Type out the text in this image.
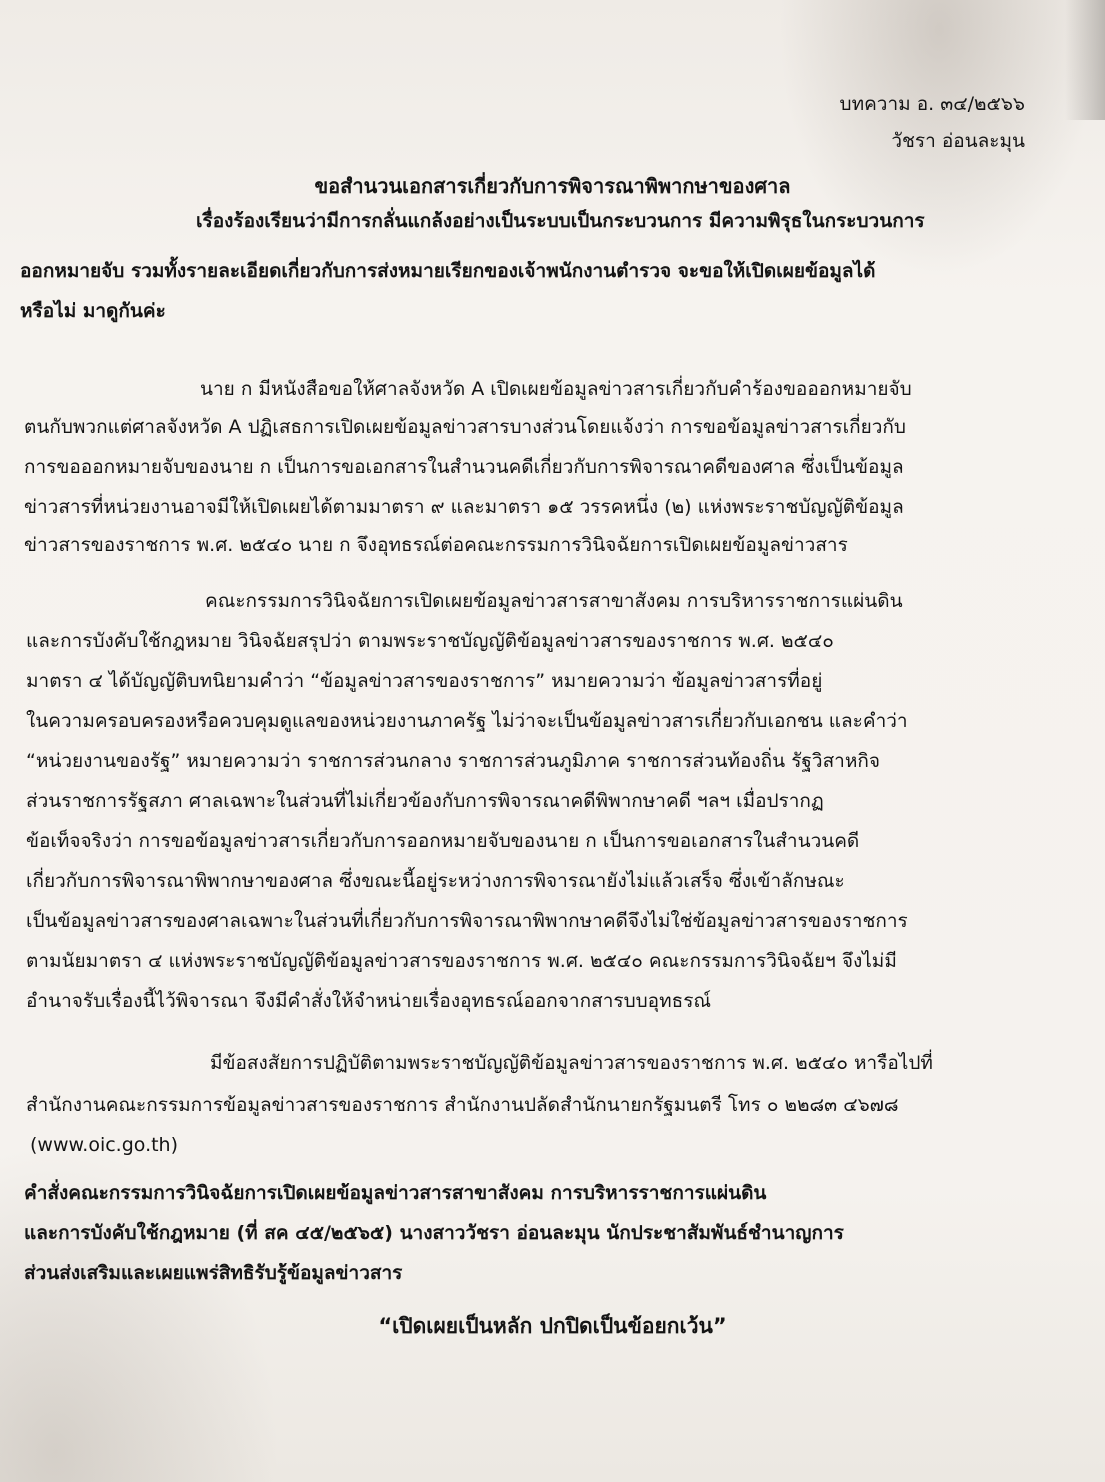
บทความ อ. ๓๔/๒๕๖๖
วัชรา อ่อนละมุน
ขอสำนวนเอกสารเกี่ยวกับการพิจารณาพิพากษาของศาล
เรื่องร้องเรียนว่ามีการกลั่นแกล้งอย่างเป็นระบบเป็นกระบวนการ มีความพิรุธในกระบวนการ
ออกหมายจับ รวมทั้งรายละเอียดเกี่ยวกับการส่งหมายเรียกของเจ้าพนักงานตำรวจ จะขอให้เปิดเผยข้อมูลได้
หรือไม่ มาดูกันค่ะ
นาย ก มีหนังสือขอให้ศาลจังหวัด A เปิดเผยข้อมูลข่าวสารเกี่ยวกับคำร้องขอออกหมายจับ
ตนกับพวกแต่ศาลจังหวัด A ปฏิเสธการเปิดเผยข้อมูลข่าวสารบางส่วนโดยแจ้งว่า การขอข้อมูลข่าวสารเกี่ยวกับ
การขอออกหมายจับของนาย ก เป็นการขอเอกสารในสำนวนคดีเกี่ยวกับการพิจารณาคดีของศาล ซึ่งเป็นข้อมูล
ข่าวสารที่หน่วยงานอาจมีให้เปิดเผยได้ตามมาตรา ๙ และมาตรา ๑๕ วรรคหนึ่ง (๒) แห่งพระราชบัญญัติข้อมูล
ข่าวสารของราชการ พ.ศ. ๒๕๔๐ นาย ก จึงอุทธรณ์ต่อคณะกรรมการวินิจฉัยการเปิดเผยข้อมูลข่าวสาร
คณะกรรมการวินิจฉัยการเปิดเผยข้อมูลข่าวสารสาขาสังคม การบริหารราชการแผ่นดิน
และการบังคับใช้กฎหมาย วินิจฉัยสรุปว่า ตามพระราชบัญญัติข้อมูลข่าวสารของราชการ พ.ศ. ๒๕๔๐
มาตรา ๔ ได้บัญญัติบทนิยามคำว่า “ข้อมูลข่าวสารของราชการ” หมายความว่า ข้อมูลข่าวสารที่อยู่
ในความครอบครองหรือควบคุมดูแลของหน่วยงานภาครัฐ ไม่ว่าจะเป็นข้อมูลข่าวสารเกี่ยวกับเอกชน และคำว่า
“หน่วยงานของรัฐ” หมายความว่า ราชการส่วนกลาง ราชการส่วนภูมิภาค ราชการส่วนท้องถิ่น รัฐวิสาหกิจ
ส่วนราชการรัฐสภา ศาลเฉพาะในส่วนที่ไม่เกี่ยวข้องกับการพิจารณาคดีพิพากษาคดี ฯลฯ เมื่อปรากฏ
ข้อเท็จจริงว่า การขอข้อมูลข่าวสารเกี่ยวกับการออกหมายจับของนาย ก เป็นการขอเอกสารในสำนวนคดี
เกี่ยวกับการพิจารณาพิพากษาของศาล ซึ่งขณะนี้อยู่ระหว่างการพิจารณายังไม่แล้วเสร็จ ซึ่งเข้าลักษณะ
เป็นข้อมูลข่าวสารของศาลเฉพาะในส่วนที่เกี่ยวกับการพิจารณาพิพากษาคดีจึงไม่ใช่ข้อมูลข่าวสารของราชการ
ตามนัยมาตรา ๔ แห่งพระราชบัญญัติข้อมูลข่าวสารของราชการ พ.ศ. ๒๕๔๐ คณะกรรมการวินิจฉัยฯ จึงไม่มี
อำนาจรับเรื่องนี้ไว้พิจารณา จึงมีคำสั่งให้จำหน่ายเรื่องอุทธรณ์ออกจากสารบบอุทธรณ์
มีข้อสงสัยการปฏิบัติตามพระราชบัญญัติข้อมูลข่าวสารของราชการ พ.ศ. ๒๕๔๐ หารือไปที่
สำนักงานคณะกรรมการข้อมูลข่าวสารของราชการ สำนักงานปลัดสำนักนายกรัฐมนตรี โทร ๐ ๒๒๘๓ ๔๖๗๘
(www.oic.go.th)
คำสั่งคณะกรรมการวินิจฉัยการเปิดเผยข้อมูลข่าวสารสาขาสังคม การบริหารราชการแผ่นดิน
และการบังคับใช้กฎหมาย (ที่ สค ๔๕/๒๕๖๕) นางสาววัชรา อ่อนละมุน นักประชาสัมพันธ์ชำนาญการ
ส่วนส่งเสริมและเผยแพร่สิทธิรับรู้ข้อมูลข่าวสาร
“เปิดเผยเป็นหลัก ปกปิดเป็นข้อยกเว้น”
